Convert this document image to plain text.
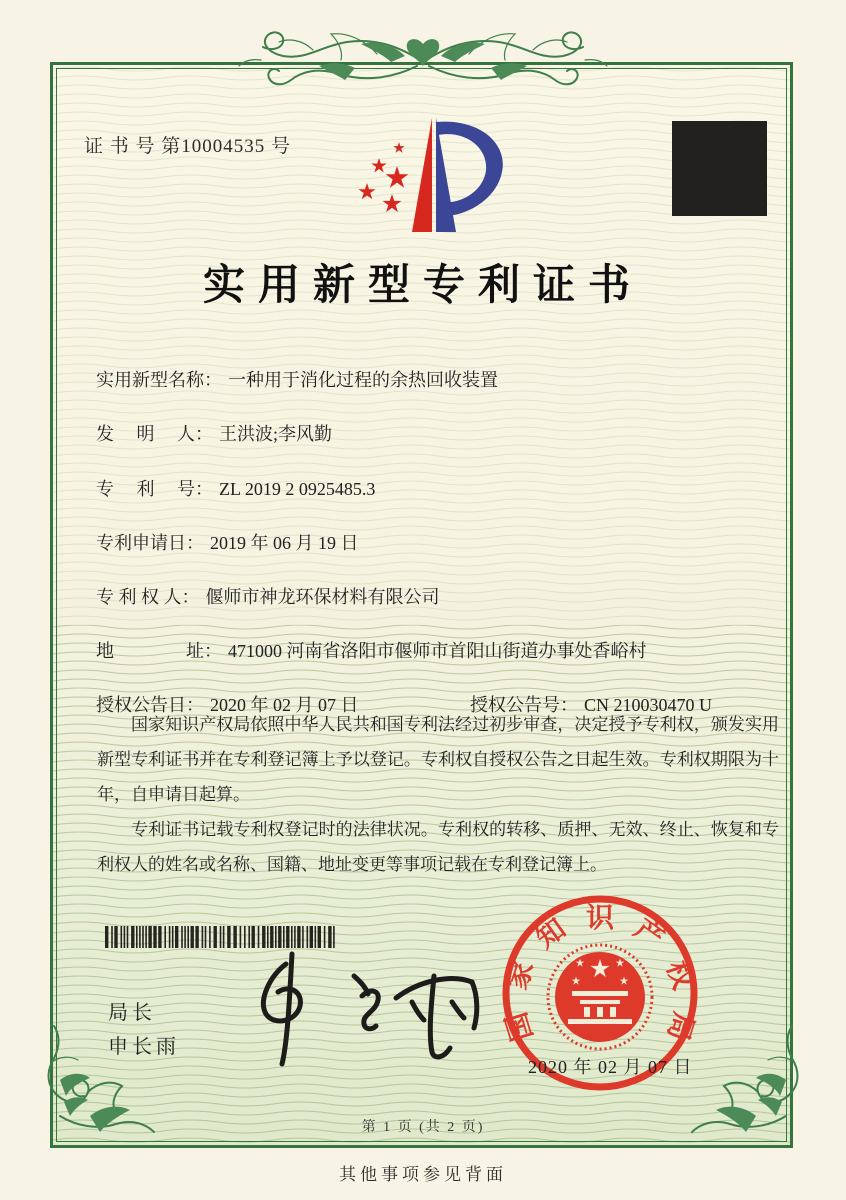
证 书 号 第10004535 号
实用新型专利证书
实用新型名称： 一种用于消化过程的余热回收装置
发　 明　 人： 王洪波;李风勤
专　 利　 号： ZL 2019 2 0925485.3
专利申请日： 2019 年 06 月 19 日
专 利 权 人： 偃师市神龙环保材料有限公司
地　　　　址： 471000 河南省洛阳市偃师市首阳山街道办事处香峪村
授权公告日： 2020 年 02 月 07 日	授权公告号： CN 210030470 U

国家知识产权局依照中华人民共和国专利法经过初步审查，决定授予专利权，颁发实用新型专利证书并在专利登记簿上予以登记。专利权自授权公告之日起生效。专利权期限为十年，自申请日起算。

专利证书记载专利权登记时的法律状况。专利权的转移、质押、无效、终止、恢复和专利权人的姓名或名称、国籍、地址变更等事项记载在专利登记簿上。

局长
申长雨
国
家
知 识 产
权
局
2020 年 02 月 07 日
第 1 页 (共 2 页)
其他事项参见背面
